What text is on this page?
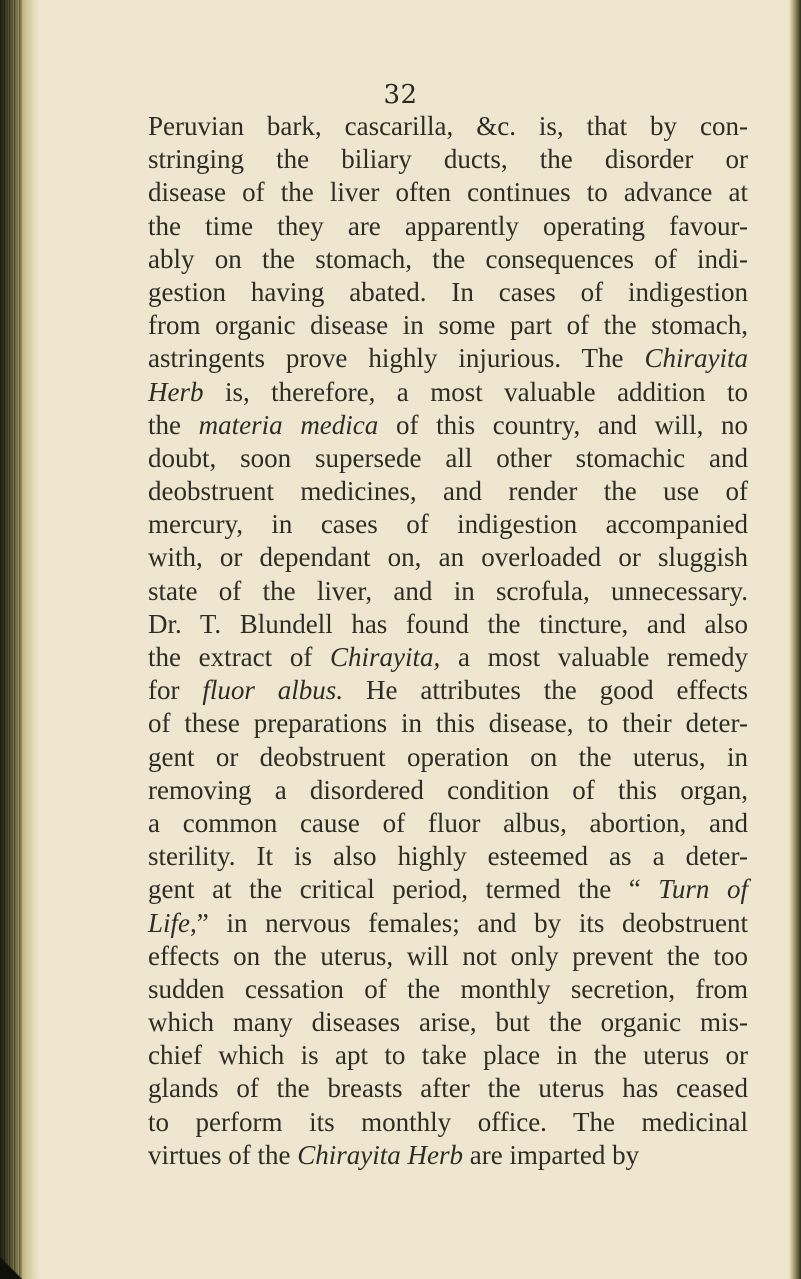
32

Peruvian bark, cascarilla, &c. is, that by con-
stringing the biliary ducts, the disorder or
disease of the liver often continues to advance at
the time they are apparently operating favour-
ably on the stomach, the consequences of indi-
gestion having abated. In cases of indigestion
from organic disease in some part of the stomach,
astringents prove highly injurious. The Chirayita
Herb is, therefore, a most valuable addition to
the materia medica of this country, and will, no
doubt, soon supersede all other stomachic and
deobstruent medicines, and render the use of
mercury, in cases of indigestion accompanied
with, or dependant on, an overloaded or sluggish
state of the liver, and in scrofula, unnecessary.
Dr. T. Blundell has found the tincture, and also
the extract of Chirayita, a most valuable remedy
for fluor albus. He attributes the good effects
of these preparations in this disease, to their deter-
gent or deobstruent operation on the uterus, in
removing a disordered condition of this organ,
a common cause of fluor albus, abortion, and
sterility. It is also highly esteemed as a deter-
gent at the critical period, termed the “ Turn of
Life,” in nervous females; and by its deobstruent
effects on the uterus, will not only prevent the too
sudden cessation of the monthly secretion, from
which many diseases arise, but the organic mis-
chief which is apt to take place in the uterus or
glands of the breasts after the uterus has ceased
to perform its monthly office. The medicinal
virtues of the Chirayita Herb are imparted by
